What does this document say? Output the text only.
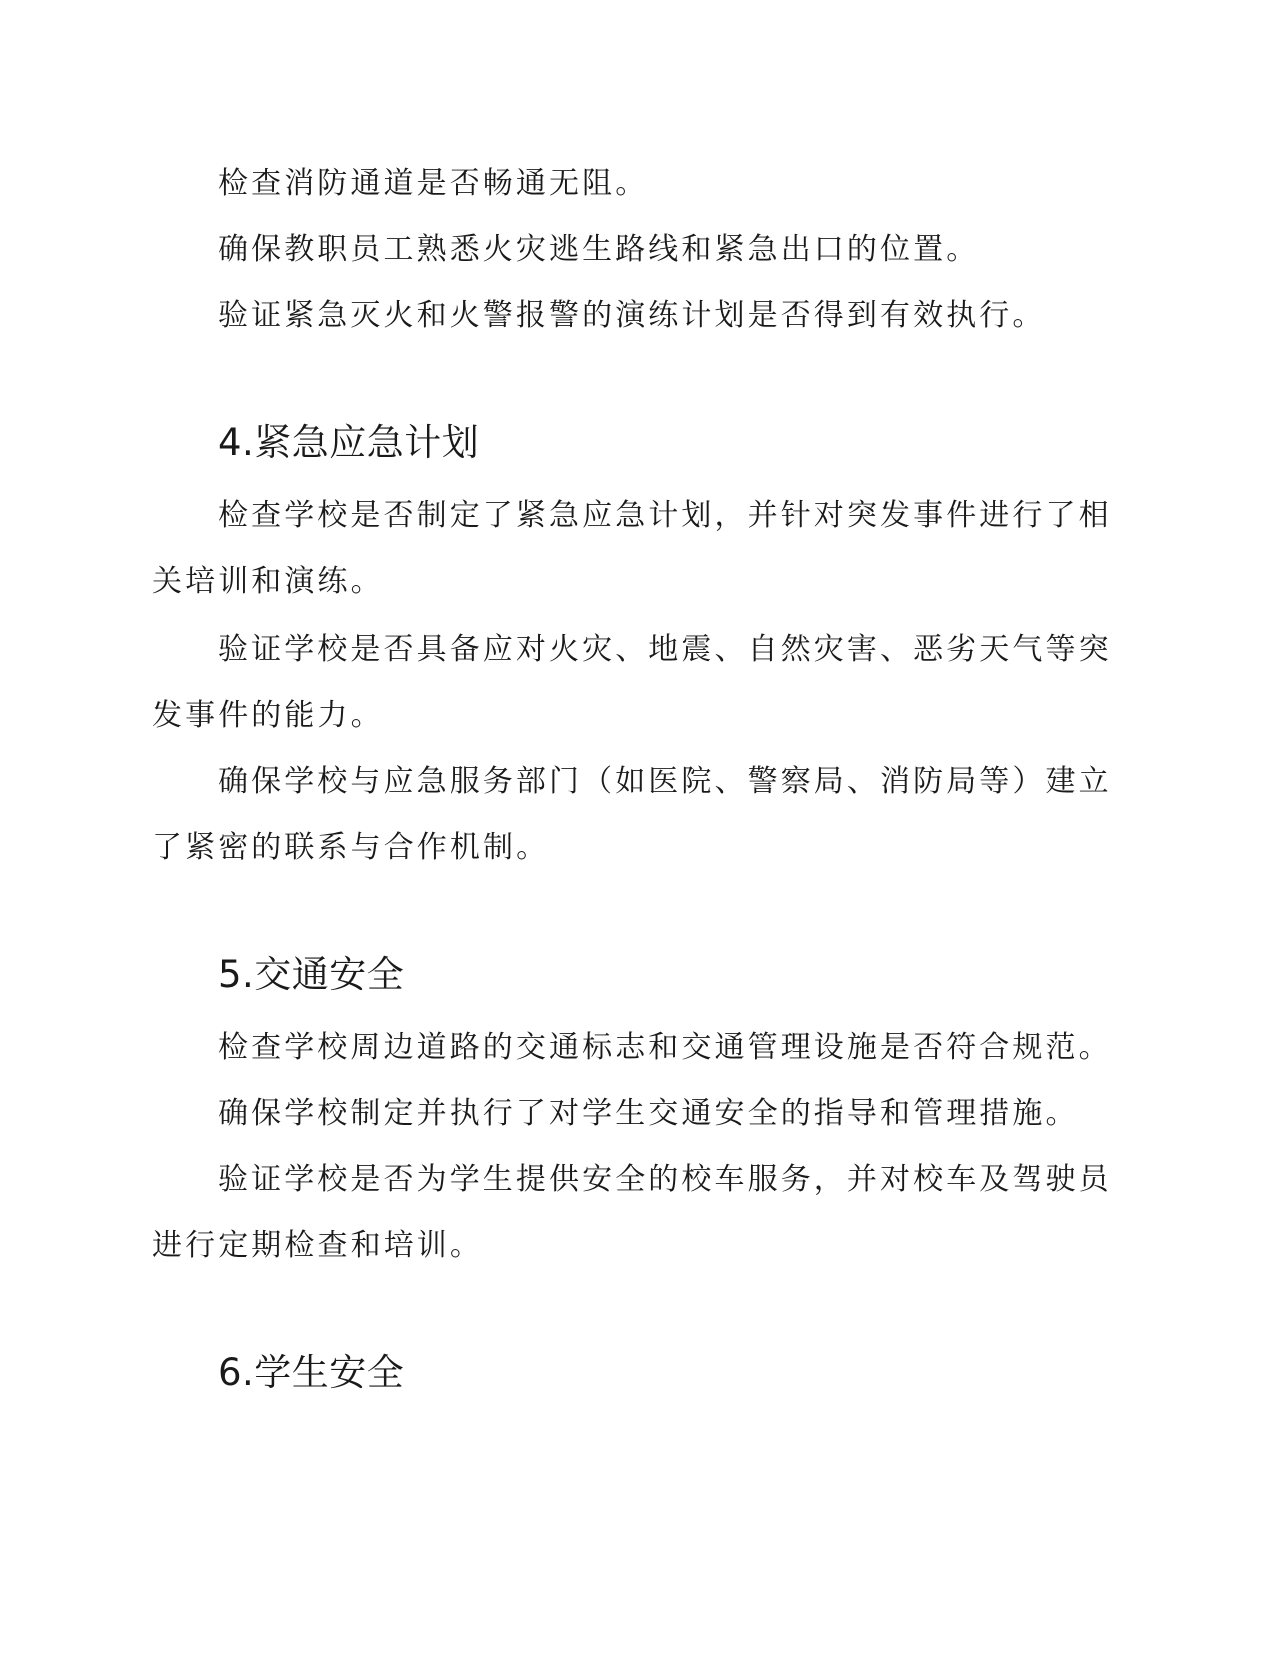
检查消防通道是否畅通无阻。
确保教职员工熟悉火灾逃生路线和紧急出口的位置。
验证紧急灭火和火警报警的演练计划是否得到有效执行。
4.紧急应急计划
检查学校是否制定了紧急应急计划，并针对突发事件进行了相
关培训和演练。
验证学校是否具备应对火灾、地震、自然灾害、恶劣天气等突
发事件的能力。
确保学校与应急服务部门（如医院、警察局、消防局等）建立
了紧密的联系与合作机制。
5.交通安全
检查学校周边道路的交通标志和交通管理设施是否符合规范。
确保学校制定并执行了对学生交通安全的指导和管理措施。
验证学校是否为学生提供安全的校车服务，并对校车及驾驶员
进行定期检查和培训。
6.学生安全
